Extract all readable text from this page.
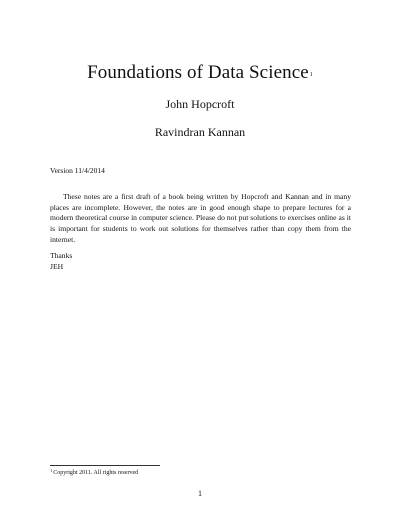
Foundations of Data Science$^1$
John Hopcroft
Ravindran Kannan
Version 11/4/2014
These notes are a first draft of a book being written by Hopcroft and Kannan and in many places are incomplete. However, the notes are in good enough shape to prepare lectures for a modern theoretical course in computer science. Please do not put solutions to exercises online as it is important for students to work out solutions for themselves rather than copy them from the internet.
Thanks
JEH
$^1$Copyright 2011. All rights reserved
1
